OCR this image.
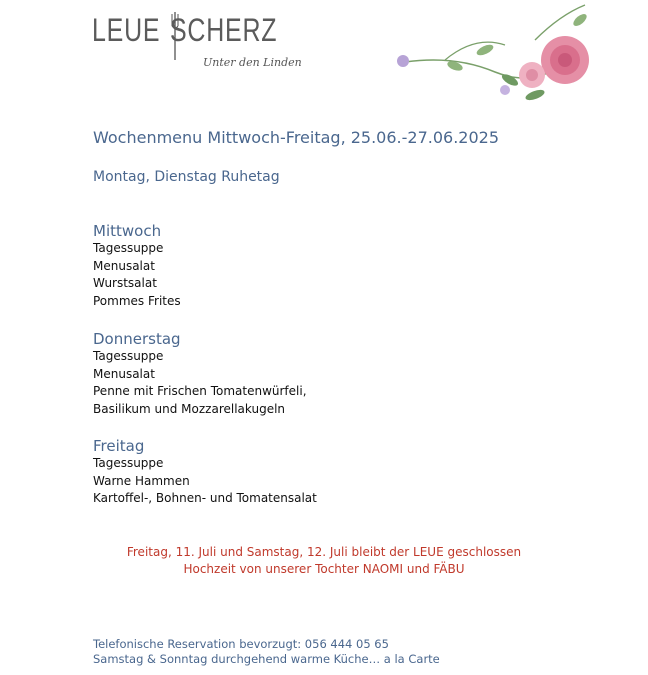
LEUE SCHERZ
Unter den Linden
Wochenmenu Mittwoch-Freitag, 25.06.-27.06.2025
Montag, Dienstag Ruhetag
Mittwoch
Tagessuppe
Menusalat
Wurstsalat
Pommes Frites
Donnerstag
Tagessuppe
Menusalat
Penne mit Frischen Tomatenwürfeli,
Basilikum und Mozzarellakugeln
Freitag
Tagessuppe
Warne Hammen
Kartoffel-, Bohnen- und Tomatensalat
Freitag, 11. Juli und Samstag, 12. Juli bleibt der LEUE geschlossen
Hochzeit von unserer Tochter NAOMI und FÄBU
Telefonische Reservation bevorzugt: 056 444 05 65
Samstag & Sonntag durchgehend warme Küche… a la Carte
